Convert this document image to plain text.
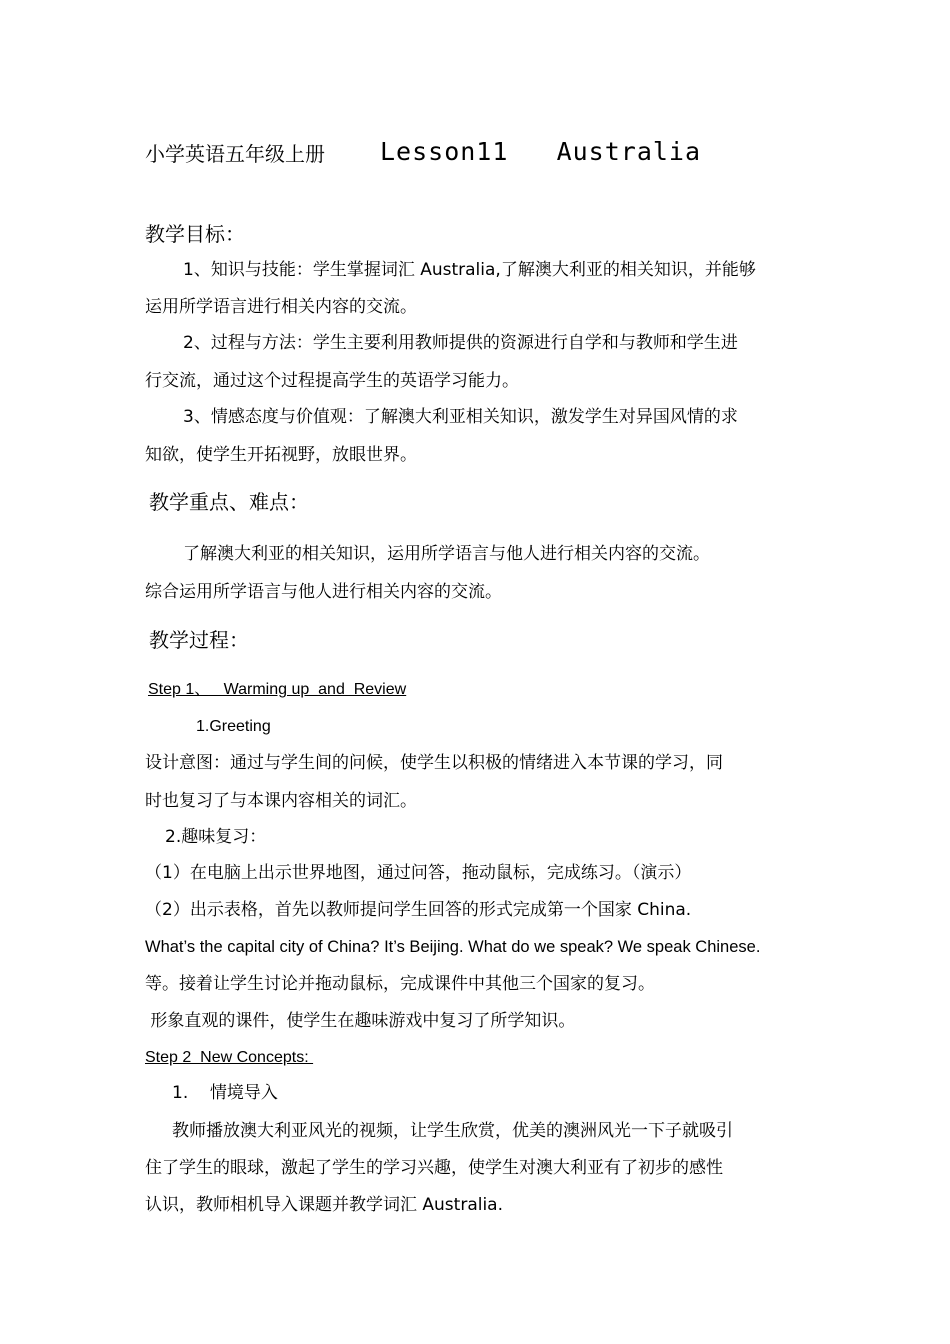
小学英语五年级上册 Lesson11   Australia
教学目标：
1、知识与技能：学生掌握词汇 Australia,了解澳大利亚的相关知识，并能够
运用所学语言进行相关内容的交流。
2、过程与方法：学生主要利用教师提供的资源进行自学和与教师和学生进
行交流，通过这个过程提高学生的英语学习能力。
3、情感态度与价值观：了解澳大利亚相关知识，激发学生对异国风情的求
知欲，使学生开拓视野，放眼世界。
教学重点、难点：
了解澳大利亚的相关知识，运用所学语言与他人进行相关内容的交流。
综合运用所学语言与他人进行相关内容的交流。
教学过程：
Step 1、   Warming up  and  Review
1.Greeting
设计意图：通过与学生间的问候，使学生以积极的情绪进入本节课的学习，同
时也复习了与本课内容相关的词汇。
2.趣味复习：
（1）在电脑上出示世界地图，通过问答，拖动鼠标，完成练习。（演示）
（2）出示表格，首先以教师提问学生回答的形式完成第一个国家 China.
What’s the capital city of China? It’s Beijing. What do we speak? We speak Chinese.
等。接着让学生讨论并拖动鼠标，完成课件中其他三个国家的复习。
形象直观的课件，使学生在趣味游戏中复习了所学知识。
Step 2  New Concepts:
1.    情境导入
教师播放澳大利亚风光的视频，让学生欣赏，优美的澳洲风光一下子就吸引
住了学生的眼球，激起了学生的学习兴趣，使学生对澳大利亚有了初步的感性
认识，教师相机导入课题并教学词汇 Australia.
